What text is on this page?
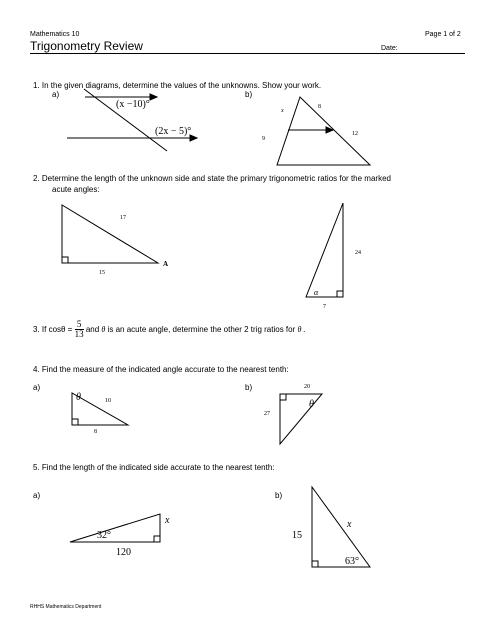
Mathematics 10	Page 1 of 2
Trigonometry Review	Date:
1. In the given diagrams, determine the values of the unknowns. Show your work.
a)	b)
(x −10)°
(2x − 5)°
x
8
9
12
2. Determine the length of the unknown side and state the primary trigonometric ratios for the marked
acute angles:
17
15
A
24
7
α
3. If $\cos\theta = \frac{5}{13}$ and θ is an acute angle, determine the other 2 trig ratios for θ .
4. Find the measure of the indicated angle accurate to the nearest tenth:
a)	b)
θ	10
8
20
27
θ
5. Find the length of the indicated side accurate to the nearest tenth:
a)	b)
x
32°
120
x
15
63°
RHHS Mathematics Department
